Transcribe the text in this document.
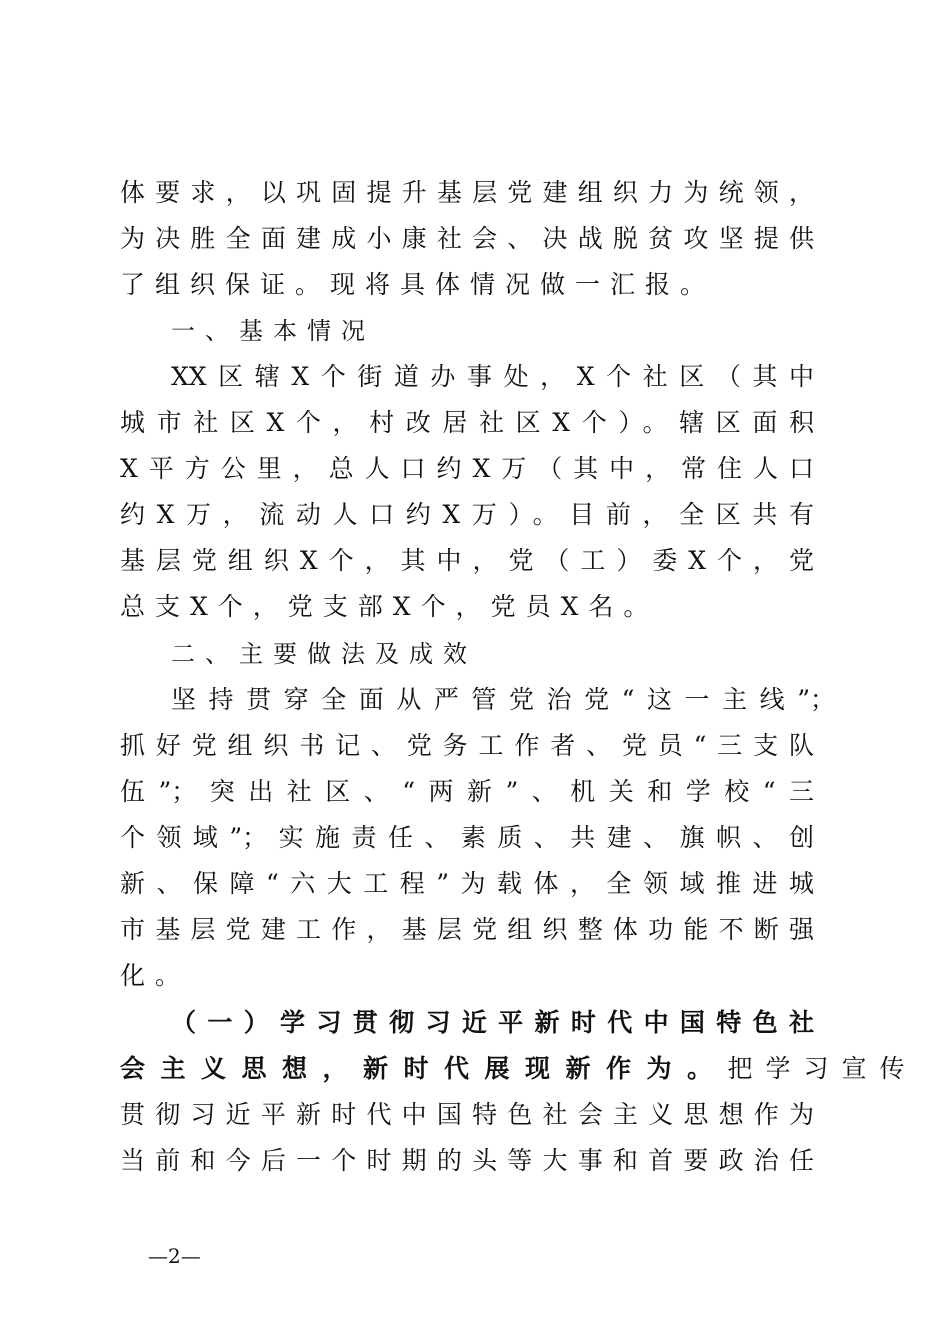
体要求，以巩固提升基层党建组织力为统领，
为决胜全面建成小康社会、决战脱贫攻坚提供
了组织保证。现将具体情况做一汇报。
一、基本情况
XX区辖X个街道办事处，X个社区（其中
城市社区X个，村改居社区X个）。辖区面积
X平方公里，总人口约X万（其中，常住人口
约X万，流动人口约X万）。目前，全区共有
基层党组织X个，其中，党（工）委X个，党
总支X个，党支部X个，党员X名。
二、主要做法及成效
坚持贯穿全面从严管党治党“这一主线”；
抓好党组织书记、党务工作者、党员“三支队
伍”；突出社区、“两新”、机关和学校“三
个领域”；实施责任、素质、共建、旗帜、创
新、保障“六大工程”为载体，全领域推进城
市基层党建工作，基层党组织整体功能不断强
化。
（一）学习贯彻习近平新时代中国特色社
会主义思想，新时代展现新作为。把学习宣传
贯彻习近平新时代中国特色社会主义思想作为
当前和今后一个时期的头等大事和首要政治任
—2—
